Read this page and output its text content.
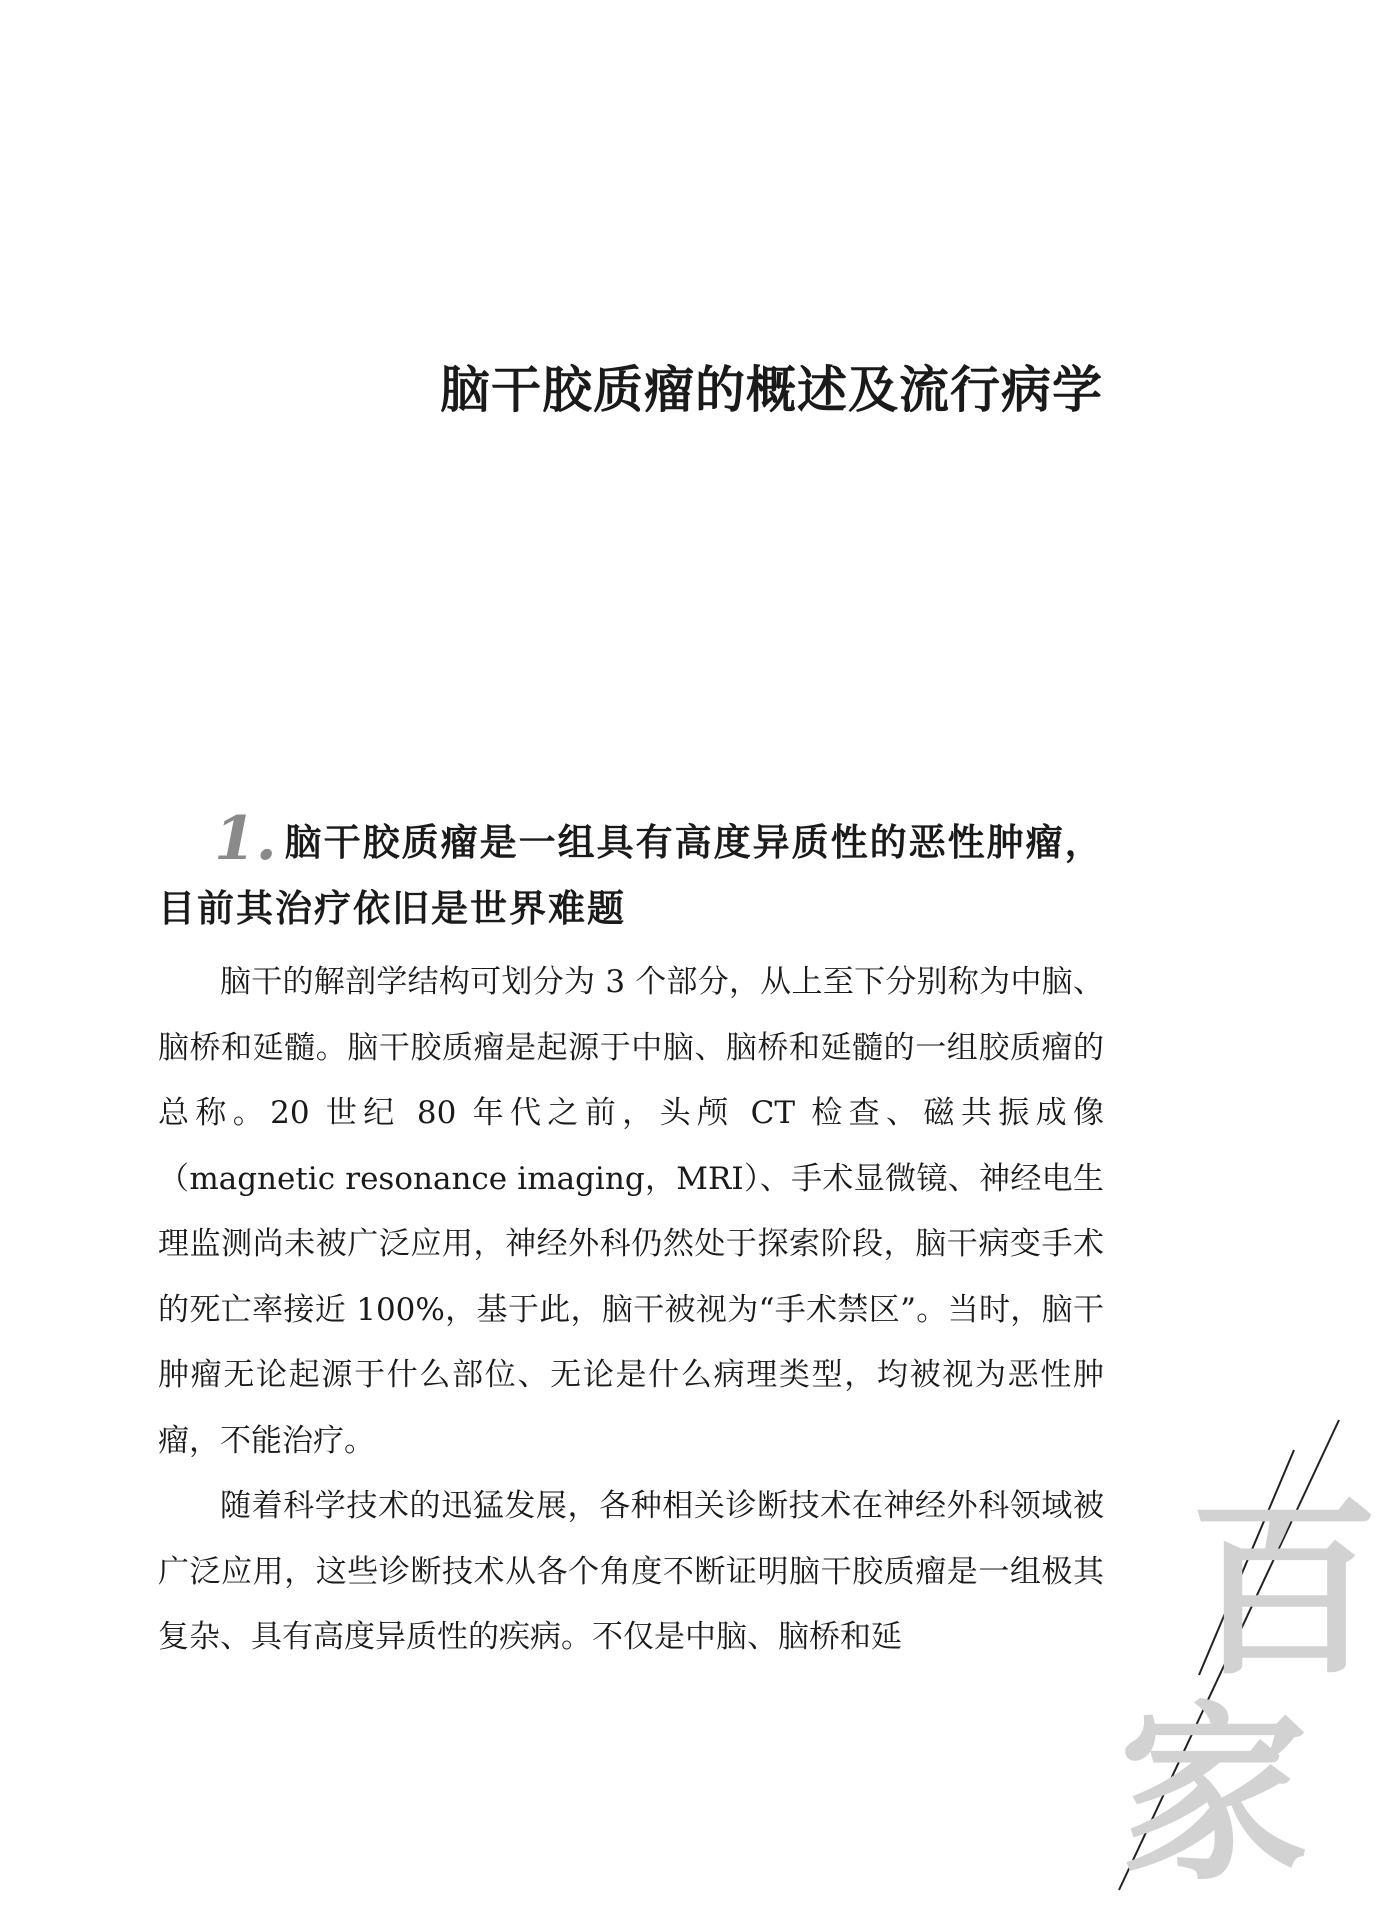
脑干胶质瘤的概述及流行病学
1. 脑干胶质瘤是一组具有高度异质性的恶性肿瘤，目前其治疗依旧是世界难题

脑干的解剖学结构可划分为 3 个部分，从上至下分别称为中脑、脑桥和延髓。脑干胶质瘤是起源于中脑、脑桥和延髓的一组胶质瘤的总称。20 世纪 80 年代之前，头颅 CT 检查、磁共振成像（magnetic resonance imaging，MRI）、手术显微镜、神经电生理监测尚未被广泛应用，神经外科仍然处于探索阶段，脑干病变手术的死亡率接近 100%，基于此，脑干被视为“手术禁区”。当时，脑干肿瘤无论起源于什么部位、无论是什么病理类型，均被视为恶性肿瘤，不能治疗。

随着科学技术的迅猛发展，各种相关诊断技术在神经外科领域被广泛应用，这些诊断技术从各个角度不断证明脑干胶质瘤是一组极其复杂、具有高度异质性的疾病。不仅是中脑、脑桥和延	百
家
